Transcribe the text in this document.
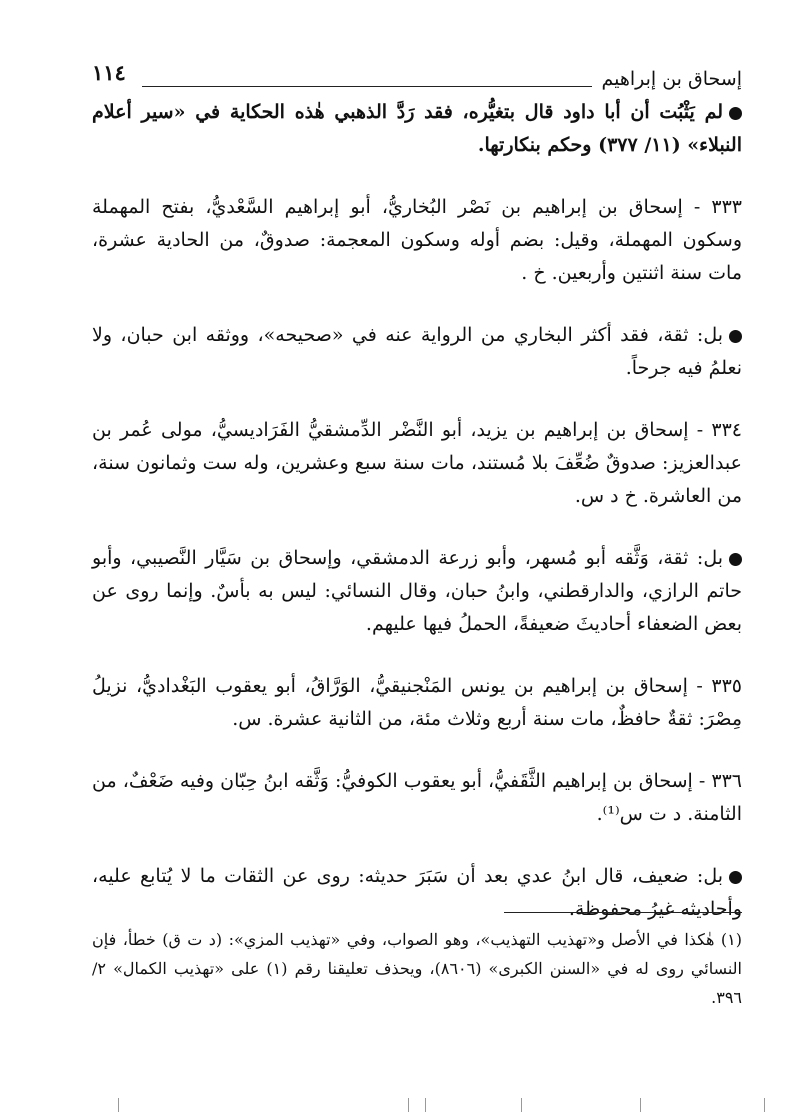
إسحاق بن إبراهيم
١١٤

لم يَثْبُت أن أبا داود قال بتغيُّره، فقد رَدَّ الذهبي هٰذه الحكاية في «سير أعلام النبلاء» (١١/ ٣٧٧) وحكم بنكارتها.

٣٣٣ - إسحاق بن إبراهيم بن نَصْر البُخاريُّ، أبو إبراهيم السَّعْديُّ، بفتح المهملة وسكون المهملة، وقيل: بضم أوله وسكون المعجمة: صدوقٌ، من الحادية عشرة، مات سنة اثنتين وأربعين. خ .

بل: ثقة، فقد أكثر البخاري من الرواية عنه في «صحيحه»، ووثقه ابن حبان، ولا نعلمُ فيه جرحاً.

٣٣٤ - إسحاق بن إبراهيم بن يزيد، أبو النَّضْر الدِّمشقيُّ الفَرَاديسيُّ، مولى عُمر بن عبدالعزيز: صدوقٌ ضُعِّفَ بلا مُستند، مات سنة سبع وعشرين، وله ست وثمانون سنة، من العاشرة. خ د س.

بل: ثقة، وَثَّقه أبو مُسهر، وأبو زرعة الدمشقي، وإسحاق بن سَيَّار النَّصيبي، وأبو حاتم الرازي، والدارقطني، وابنُ حبان، وقال النسائي: ليس به بأسٌ. وإنما روى عن بعض الضعفاء أحاديثَ ضعيفةً، الحملُ فيها عليهم.

٣٣٥ - إسحاق بن إبراهيم بن يونس المَنْجنيقيُّ، الوَرَّاقُ، أبو يعقوب البَغْداديُّ، نزيلُ مِصْرَ: ثقةٌ حافظٌ، مات سنة أربع وثلاث مئة، من الثانية عشرة. س.

٣٣٦ - إسحاق بن إبراهيم الثَّقَفيُّ، أبو يعقوب الكوفيُّ: وَثَّقه ابنُ حِبّان وفيه ضَعْفٌ، من الثامنة. د ت س⁽¹⁾.

بل: ضعيف، قال ابنُ عدي بعد أن سَبَرَ حديثه: روى عن الثقات ما لا يُتابع عليه، وأحاديثه غيرُ محفوظة.

(١) هٰكذا في الأصل و«تهذيب التهذيب»، وهو الصواب، وفي «تهذيب المزي»: (د ت ق) خطأ، فإن النسائي روى له في «السنن الكبرى» (٨٦٠٦)، ويحذف تعليقنا رقم (١) على «تهذيب الكمال» ٢/ ٣٩٦.
